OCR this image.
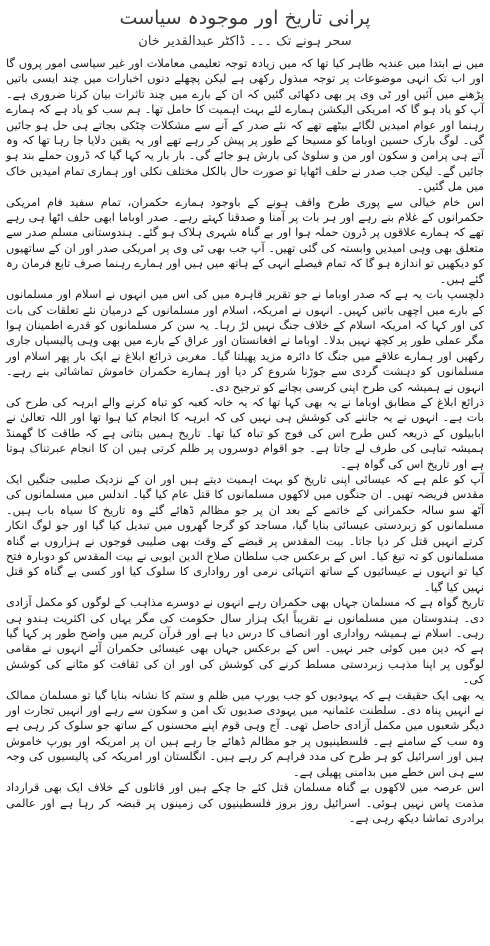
پرانی تاریخ اور موجودہ سیاست
سحر ہونے تک ۔۔۔ ڈاکٹر عبدالقدیر خان

میں نے ابتدا میں عندیہ ظاہر کیا تھا کہ میں زیادہ توجہ تعلیمی معاملات اور غیر سیاسی امور پروں گا اور اب تک انہی موضوعات پر توجہ مبذول رکھی ہے لیکن پچھلے دنوں اخبارات میں چند ایسی باتیں پڑھنے میں آئیں اور ٹی وی پر بھی دکھائی گئیں کہ ان کے بارے میں چند تاثرات بیان کرنا ضروری ہے۔ آپ کو یاد ہو گا کہ امریکی الیکشن ہمارے لئے بہت اہمیت کا حامل تھا۔ ہم سب کو یاد ہے کہ ہمارے رہنما اور عوام امیدیں لگائے بیٹھے تھے کہ نئے صدر کے آنے سے مشکلات چٹکی بجاتے ہی حل ہو جائیں گی۔ لوگ بارک حسین اوباما کو مسیحا کے طور پر پیش کر رہے تھے اور یہ یقین دلایا جا رہا تھا کہ وہ آتے ہی پرامن و سکون اور من و سلویٰ کی بارش ہو جائے گی۔ بار بار یہ کہا گیا کہ ڈرون حملے بند ہو جائیں گے۔ لیکن جب صدر نے حلف اٹھایا تو صورت حال بالکل مختلف نکلی اور ہماری تمام امیدیں خاک میں مل گئیں۔

اس خام خیالی سے پوری طرح واقف ہونے کے باوجود ہمارے حکمران، تمام سفید فام امریکی حکمرانوں کے غلام بنے رہے اور ہر بات پر آمنا و صدقنا کہتے رہے۔ صدر اوباما ابھی حلف اٹھا ہی رہے تھے کہ ہمارے علاقوں پر ڈرون حملہ ہوا اور بے گناہ شہری ہلاک ہو گئے۔ ہندوستانی مسلم صدر سے متعلق بھی وہی امیدیں وابستہ کی گئی تھیں۔ آپ جب بھی ٹی وی پر امریکی صدر اور ان کے ساتھیوں کو دیکھیں تو اندازہ ہو گا کہ تمام فیصلے انہی کے ہاتھ میں ہیں اور ہمارے رہنما صرف تابع فرمان رہ گئے ہیں۔

دلچسپ بات یہ ہے کہ صدر اوباما نے جو تقریر قاہرہ میں کی اس میں انہوں نے اسلام اور مسلمانوں کے بارے میں اچھی باتیں کہیں۔ انہوں نے امریکہ، اسلام اور مسلمانوں کے درمیان نئے تعلقات کی بات کی اور کہا کہ امریکہ اسلام کے خلاف جنگ نہیں لڑ رہا۔ یہ سن کر مسلمانوں کو قدرے اطمینان ہوا مگر عملی طور پر کچھ نہیں بدلا۔ اوباما نے افغانستان اور عراق کے بارے میں بھی وہی پالیسیاں جاری رکھیں اور ہمارے علاقے میں جنگ کا دائرہ مزید پھیلتا گیا۔ مغربی ذرائع ابلاغ نے ایک بار پھر اسلام اور مسلمانوں کو دہشت گردی سے جوڑنا شروع کر دیا اور ہمارے حکمران خاموش تماشائی بنے رہے۔ انہوں نے ہمیشہ کی طرح اپنی کرسی بچانے کو ترجیح دی۔

ذرائع ابلاغ کے مطابق اوباما نے یہ بھی کہا تھا کہ یہ خانہ کعبہ کو تباہ کرنے والے ابرہہ کی طرح کی بات ہے۔ انہوں نے یہ جاننے کی کوشش ہی نہیں کی کہ ابرہہ کا انجام کیا ہوا تھا اور اللہ تعالیٰ نے ابابیلوں کے ذریعہ کس طرح اس کی فوج کو تباہ کیا تھا۔ تاریخ ہمیں بتاتی ہے کہ طاقت کا گھمنڈ ہمیشہ تباہی کی طرف لے جاتا ہے۔ جو اقوام دوسروں پر ظلم کرتی ہیں ان کا انجام عبرتناک ہوتا ہے اور تاریخ اس کی گواہ ہے۔

آپ کو علم ہے کہ عیسائی اپنی تاریخ کو بہت اہمیت دیتے ہیں اور ان کے نزدیک صلیبی جنگیں ایک مقدس فریضہ تھیں۔ ان جنگوں میں لاکھوں مسلمانوں کا قتل عام کیا گیا۔ اندلس میں مسلمانوں کی آٹھ سو سالہ حکمرانی کے خاتمے کے بعد ان پر جو مظالم ڈھائے گئے وہ تاریخ کا سیاہ باب ہیں۔ مسلمانوں کو زبردستی عیسائی بنایا گیا، مساجد کو گرجا گھروں میں تبدیل کیا گیا اور جو لوگ انکار کرتے انہیں قتل کر دیا جاتا۔ بیت المقدس پر قبضے کے وقت بھی صلیبی فوجوں نے ہزاروں بے گناہ مسلمانوں کو تہ تیغ کیا۔ اس کے برعکس جب سلطان صلاح الدین ایوبی نے بیت المقدس کو دوبارہ فتح کیا تو انہوں نے عیسائیوں کے ساتھ انتہائی نرمی اور رواداری کا سلوک کیا اور کسی بے گناہ کو قتل نہیں کیا گیا۔

تاریخ گواہ ہے کہ مسلمان جہاں بھی حکمران رہے انہوں نے دوسرے مذاہب کے لوگوں کو مکمل آزادی دی۔ ہندوستان میں مسلمانوں نے تقریباً ایک ہزار سال حکومت کی مگر یہاں کی اکثریت ہندو ہی رہی۔ اسلام نے ہمیشہ رواداری اور انصاف کا درس دیا ہے اور قرآن کریم میں واضح طور پر کہا گیا ہے کہ دین میں کوئی جبر نہیں۔ اس کے برعکس جہاں بھی عیسائی حکمران آئے انہوں نے مقامی لوگوں پر اپنا مذہب زبردستی مسلط کرنے کی کوشش کی اور ان کی ثقافت کو مٹانے کی کوشش کی۔

یہ بھی ایک حقیقت ہے کہ یہودیوں کو جب یورپ میں ظلم و ستم کا نشانہ بنایا گیا تو مسلمان ممالک نے انہیں پناہ دی۔ سلطنت عثمانیہ میں یہودی صدیوں تک امن و سکون سے رہے اور انہیں تجارت اور دیگر شعبوں میں مکمل آزادی حاصل تھی۔ آج وہی قوم اپنے محسنوں کے ساتھ جو سلوک کر رہی ہے وہ سب کے سامنے ہے۔ فلسطینیوں پر جو مظالم ڈھائے جا رہے ہیں ان پر امریکہ اور یورپ خاموش ہیں اور اسرائیل کو ہر طرح کی مدد فراہم کر رہے ہیں۔ انگلستان اور امریکہ کی پالیسیوں کی وجہ سے ہی اس خطے میں بدامنی پھیلی ہے۔

اس عرصہ میں لاکھوں بے گناہ مسلمان قتل کئے جا چکے ہیں اور قاتلوں کے خلاف ایک بھی قرارداد مذمت پاس نہیں ہوئی۔ اسرائیل روز بروز فلسطینیوں کی زمینوں پر قبضہ کر رہا ہے اور عالمی برادری تماشا دیکھ رہی ہے۔
